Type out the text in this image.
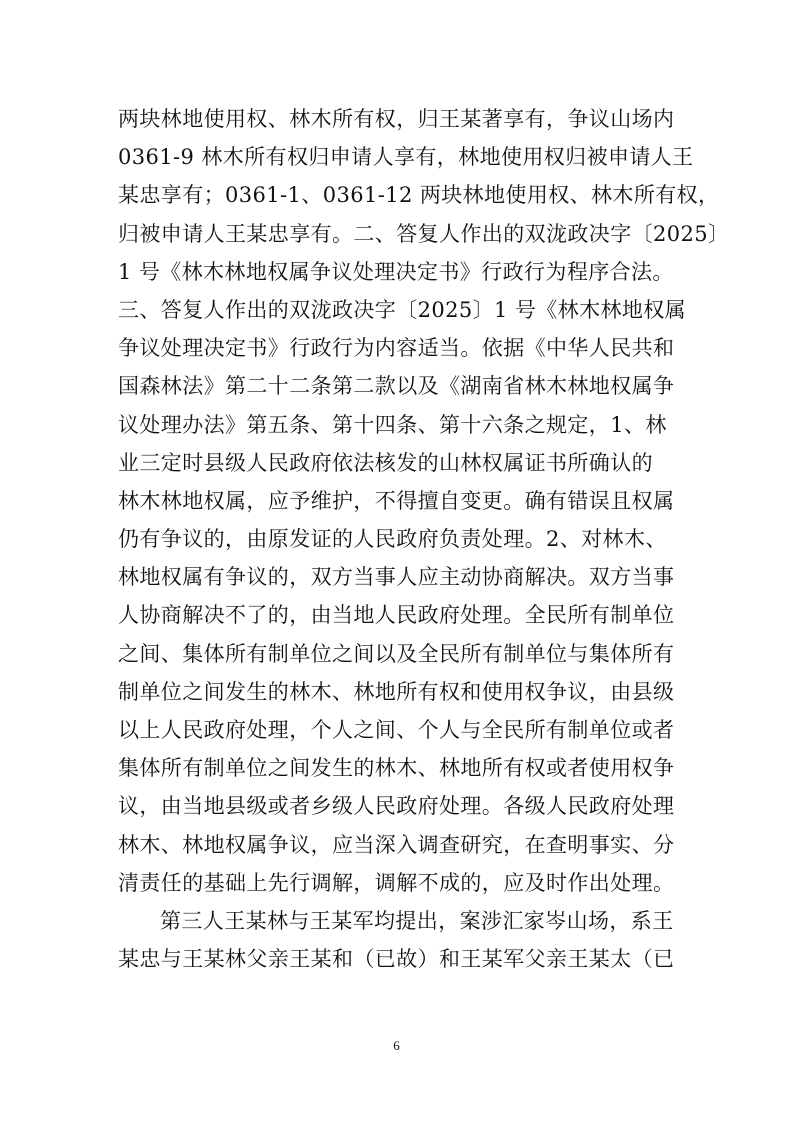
两块林地使用权、林木所有权，归王某著享有，争议山场内
0361-9 林木所有权归申请人享有，林地使用权归被申请人王
某忠享有；0361-1、0361-12 两块林地使用权、林木所有权，
归被申请人王某忠享有。二、答复人作出的双泷政决字〔2025〕
1 号《林木林地权属争议处理决定书》行政行为程序合法。
三、答复人作出的双泷政决字〔2025〕1 号《林木林地权属
争议处理决定书》行政行为内容适当。依据《中华人民共和
国森林法》第二十二条第二款以及《湖南省林木林地权属争
议处理办法》第五条、第十四条、第十六条之规定，1、林
业三定时县级人民政府依法核发的山林权属证书所确认的
林木林地权属，应予维护，不得擅自变更。确有错误且权属
仍有争议的，由原发证的人民政府负责处理。2、对林木、
林地权属有争议的，双方当事人应主动协商解决。双方当事
人协商解决不了的，由当地人民政府处理。全民所有制单位
之间、集体所有制单位之间以及全民所有制单位与集体所有
制单位之间发生的林木、林地所有权和使用权争议，由县级
以上人民政府处理，个人之间、个人与全民所有制单位或者
集体所有制单位之间发生的林木、林地所有权或者使用权争
议，由当地县级或者乡级人民政府处理。各级人民政府处理
林木、林地权属争议，应当深入调查研究，在查明事实、分
清责任的基础上先行调解，调解不成的，应及时作出处理。
第三人王某林与王某军均提出，案涉汇家岑山场，系王
某忠与王某林父亲王某和（已故）和王某军父亲王某太（已
6
